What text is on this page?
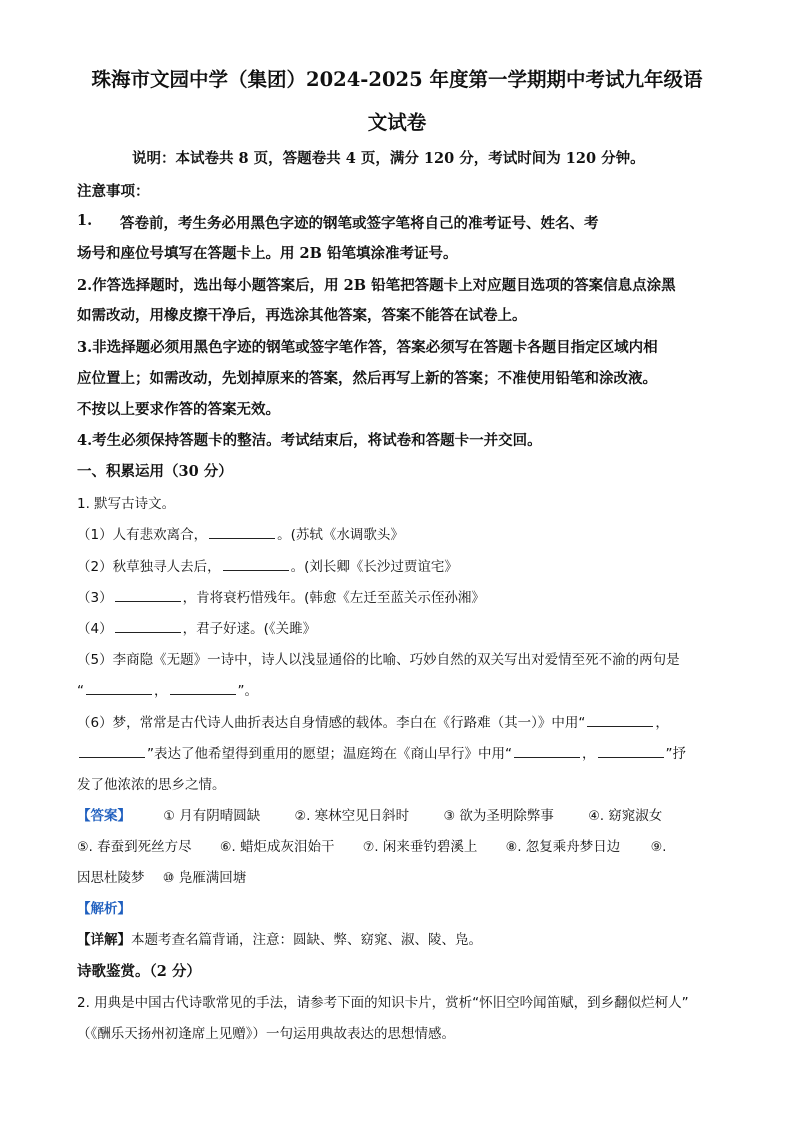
珠海市文园中学（集团）2024-2025 年度第一学期期中考试九年级语
文试卷
说明：本试卷共 8 页，答题卷共 4 页，满分 120 分，考试时间为 120 分钟。
注意事项：
1. 答卷前，考生务必用黑色字迹的钢笔或签字笔将自己的准考证号、姓名、考
场号和座位号填写在答题卡上。用 2B 铅笔填涂准考证号。
2.作答选择题时，选出每小题答案后，用 2B 铅笔把答题卡上对应题目选项的答案信息点涂黑
如需改动，用橡皮擦干净后，再选涂其他答案，答案不能答在试卷上。
3.非选择题必须用黑色字迹的钢笔或签字笔作答，答案必须写在答题卡各题目指定区域内相
应位置上；如需改动，先划掉原来的答案，然后再写上新的答案；不准使用铅笔和涂改液。
不按以上要求作答的答案无效。
4.考生必须保持答题卡的整洁。考试结束后，将试卷和答题卡一并交回。
一、积累运用（30 分）
1. 默写古诗文。
（1）人有悲欢离合，	。(苏轼《水调歌头》
（2）秋草独寻人去后，	。(刘长卿《长沙过贾谊宅》
（3）	，肯将衰朽惜残年。(韩愈《左迁至蓝关示侄孙湘》
（4）	，君子好逑。(《关雎》
（5）李商隐《无题》一诗中，诗人以浅显通俗的比喻、巧妙自然的双关写出对爱情至死不渝的两句是
“	，	”。
（6）梦，常常是古代诗人曲折表达自身情感的载体。李白在《行路难（其一）》中用“	，
”表达了他希望得到重用的愿望；温庭筠在《商山早行》中用“	，	”抒
发了他浓浓的思乡之情。
【答案】 ① 月有阴晴圆缺	②. 寒林空见日斜时	③ 欲为圣明除弊事	④. 窈窕淑女
⑤. 春蚕到死丝方尽 ⑥. 蜡炬成灰泪始干 ⑦. 闲来垂钓碧溪上 ⑧. 忽复乘舟梦日边 ⑨.
因思杜陵梦 ⑩ 凫雁满回塘
【解析】
【详解】本题考查名篇背诵，注意：圆缺、弊、窈窕、淑、陵、凫。
诗歌鉴赏。（2 分）
2. 用典是中国古代诗歌常见的手法，请参考下面的知识卡片，赏析“怀旧空吟闻笛赋，到乡翻似烂柯人”
（《酬乐天扬州初逢席上见赠》）一句运用典故表达的思想情感。
